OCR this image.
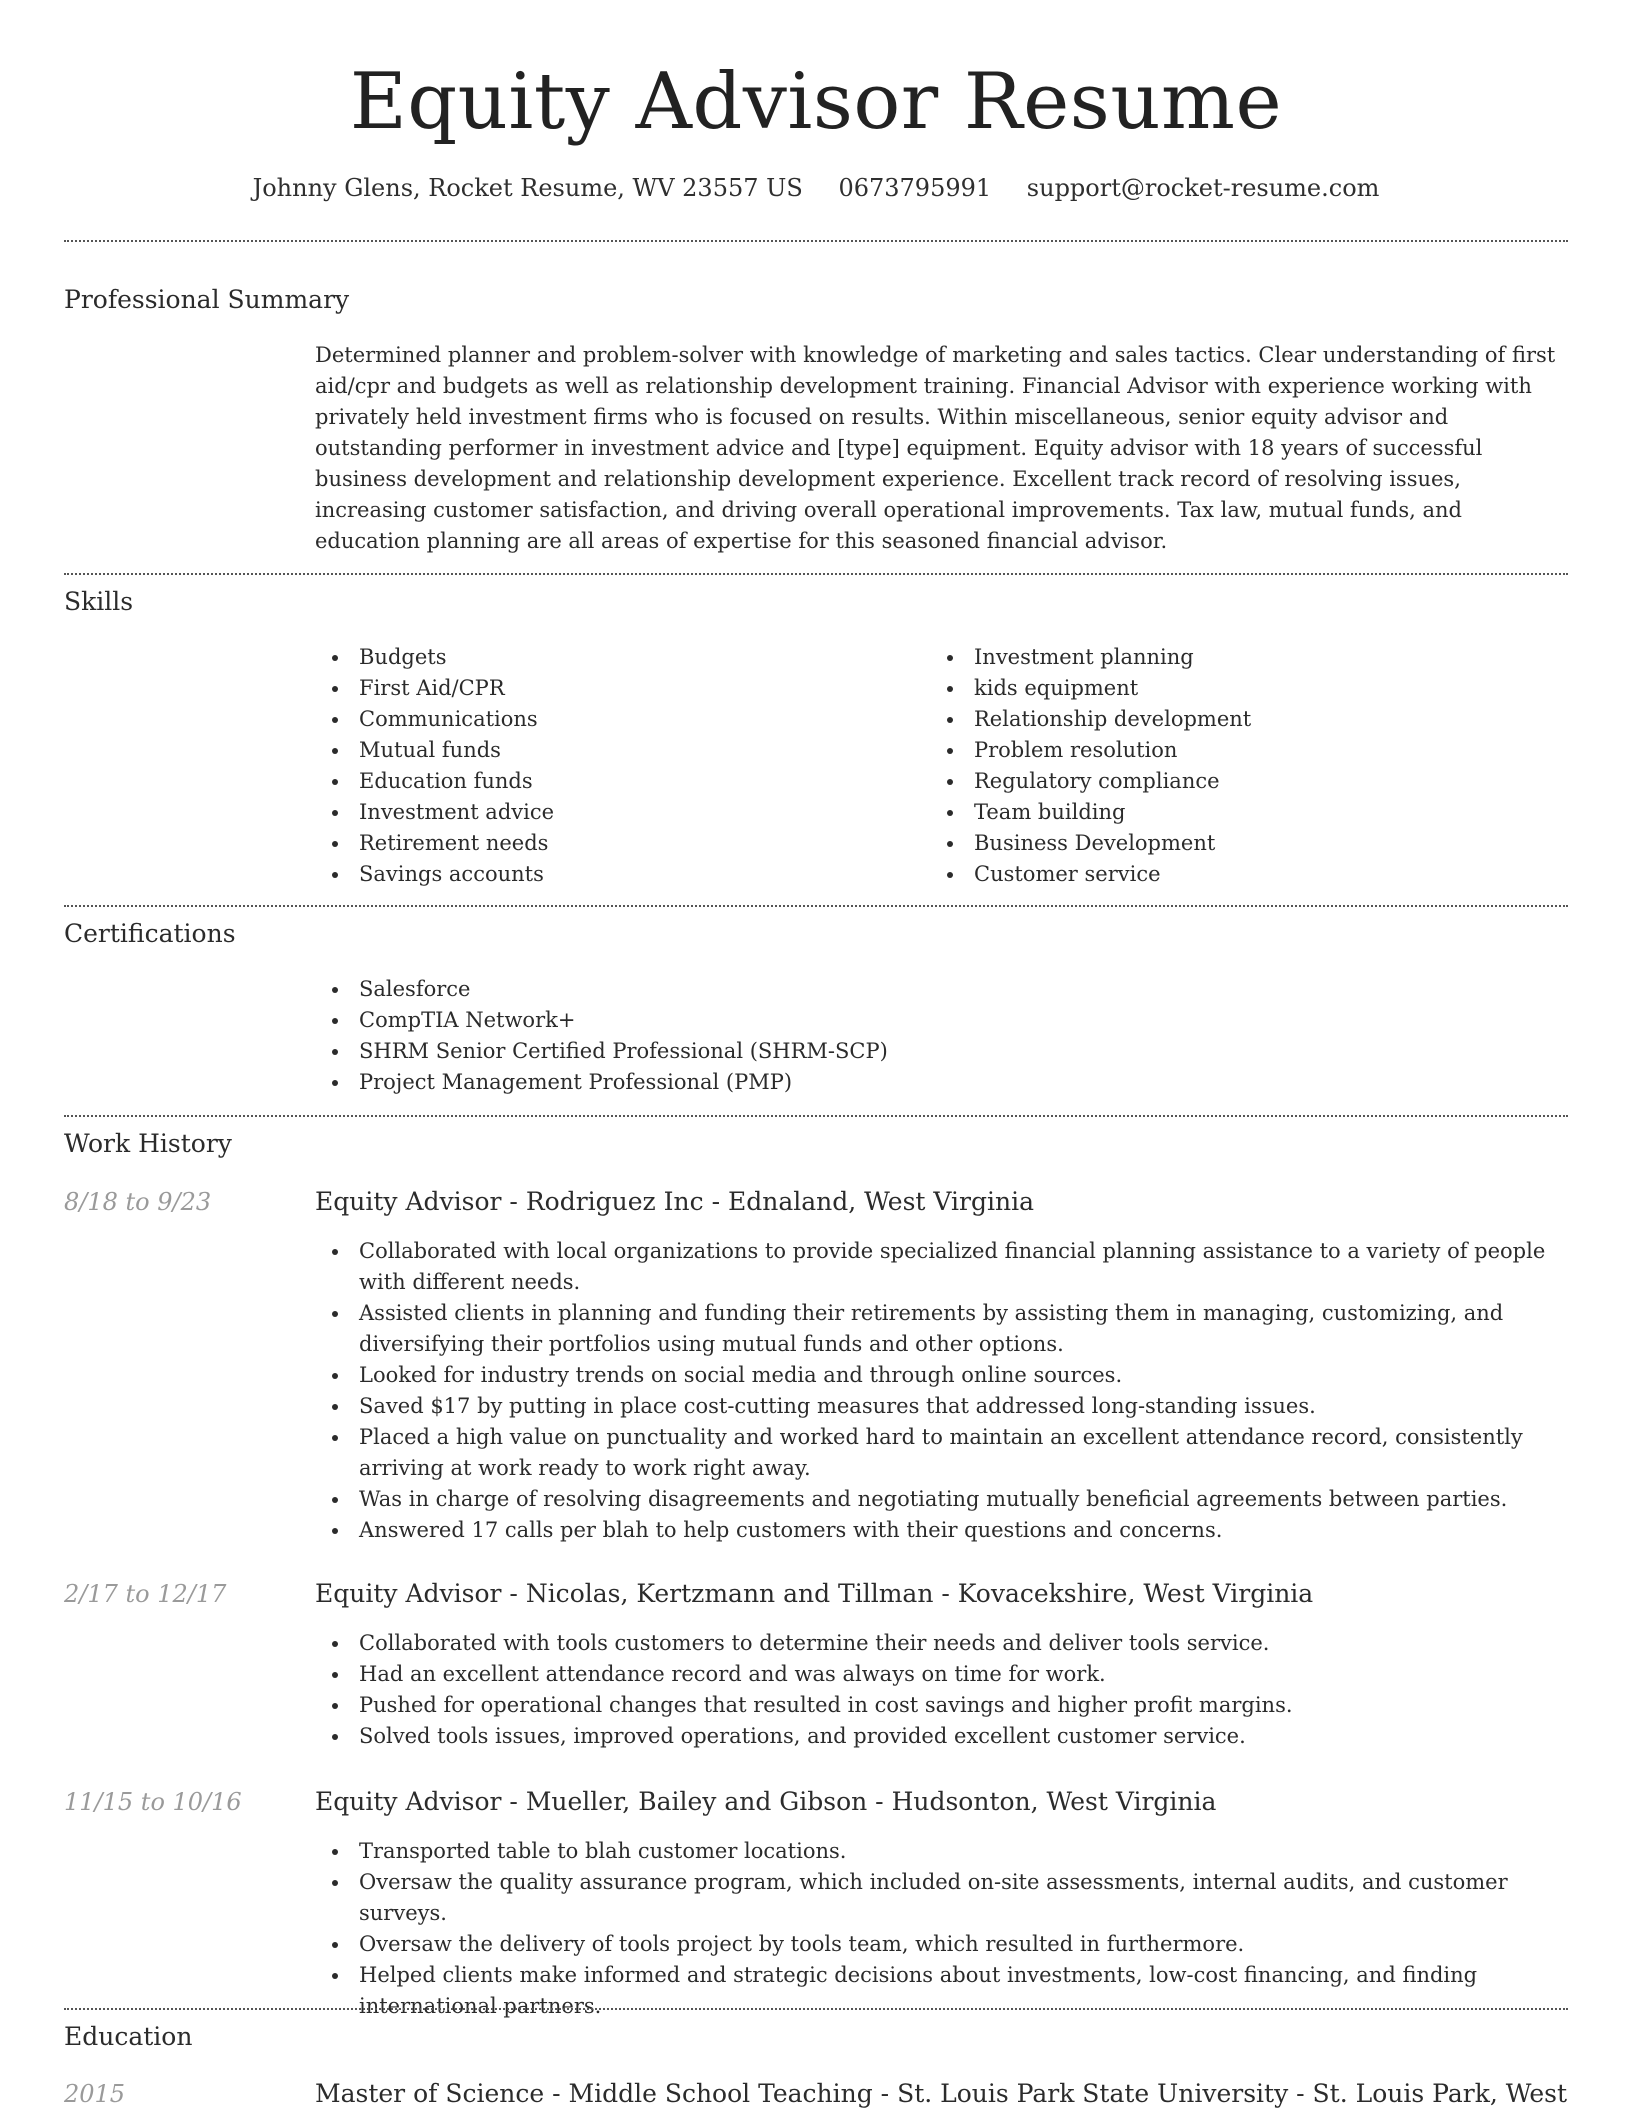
Equity Advisor Resume
Johnny Glens, Rocket Resume, WV 23557 US 0673795991 support@rocket-resume.com
Professional Summary

Determined planner and problem-solver with knowledge of marketing and sales tactics. Clear understanding of first aid/cpr and budgets as well as relationship development training. Financial Advisor with experience working with privately held investment firms who is focused on results. Within miscellaneous, senior equity advisor and outstanding performer in investment advice and [type] equipment. Equity advisor with 18 years of successful business development and relationship development experience. Excellent track record of resolving issues, increasing customer satisfaction, and driving overall operational improvements. Tax law, mutual funds, and education planning are all areas of expertise for this seasoned financial advisor.

Skills
Budgets
First Aid/CPR
Communications
Mutual funds
Education funds
Investment advice
Retirement needs
Savings accounts
Investment planning
kids equipment
Relationship development
Problem resolution
Regulatory compliance
Team building
Business Development
Customer service
Certifications
Salesforce
CompTIA Network+
SHRM Senior Certified Professional (SHRM-SCP)
Project Management Professional (PMP)
Work History
8/18 to 9/23	Equity Advisor - Rodriguez Inc - Ednaland, West Virginia
Collaborated with local organizations to provide specialized financial planning assistance to a variety of people with different needs.
Assisted clients in planning and funding their retirements by assisting them in managing, customizing, and diversifying their portfolios using mutual funds and other options.
Looked for industry trends on social media and through online sources.
Saved $17 by putting in place cost-cutting measures that addressed long-standing issues.
Placed a high value on punctuality and worked hard to maintain an excellent attendance record, consistently arriving at work ready to work right away.
Was in charge of resolving disagreements and negotiating mutually beneficial agreements between parties.
Answered 17 calls per blah to help customers with their questions and concerns.
2/17 to 12/17	Equity Advisor - Nicolas, Kertzmann and Tillman - Kovacekshire, West Virginia
Collaborated with tools customers to determine their needs and deliver tools service.
Had an excellent attendance record and was always on time for work.
Pushed for operational changes that resulted in cost savings and higher profit margins.
Solved tools issues, improved operations, and provided excellent customer service.
11/15 to 10/16	Equity Advisor - Mueller, Bailey and Gibson - Hudsonton, West Virginia
Transported table to blah customer locations.
Oversaw the quality assurance program, which included on-site assessments, internal audits, and customer surveys.
Oversaw the delivery of tools project by tools team, which resulted in furthermore.
Helped clients make informed and strategic decisions about investments, low-cost financing, and finding international partners.
Education
2015	Master of Science - Middle School Teaching - St. Louis Park State University - St. Louis Park, West
